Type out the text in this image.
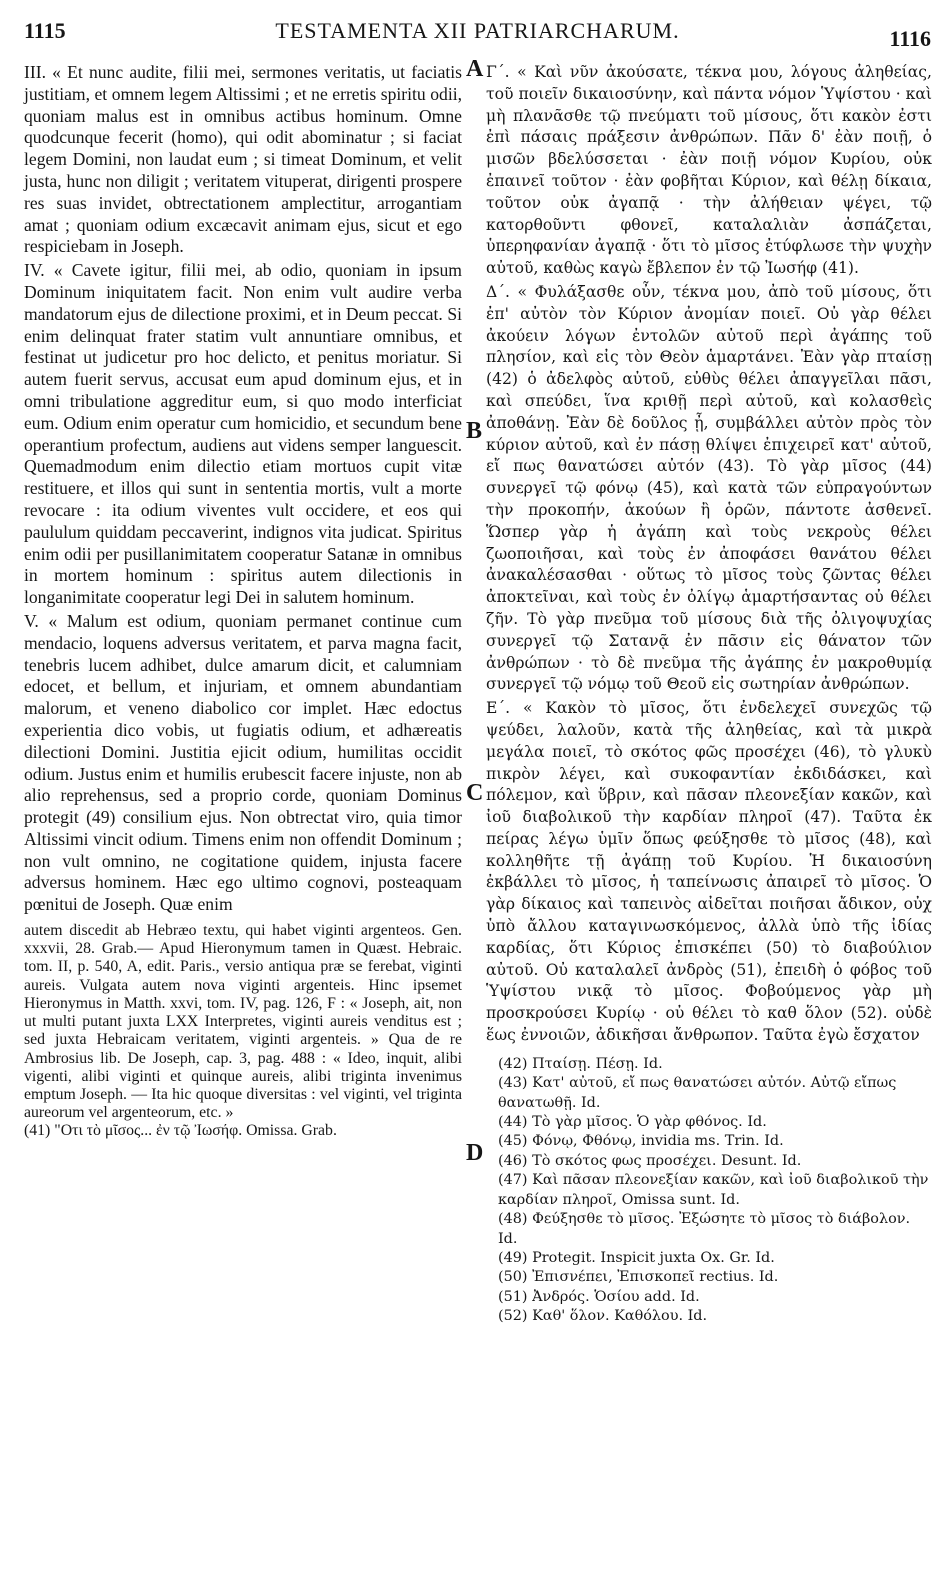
1115	TESTAMENTA XII PATRIARCHARUM.	1116
A
B
C
D

III. « Et nunc audite, filii mei, sermones veritatis, ut faciatis justitiam, et omnem legem Altissimi ; et ne erretis spiritu odii, quoniam malus est in omnibus actibus hominum. Omne quodcunque fecerit (homo), qui odit abominatur ; si faciat legem Domini, non laudat eum ; si timeat Dominum, et velit justa, hunc non diligit ; veritatem vituperat, dirigenti prospere res suas invidet, obtrectationem amplectitur, arrogantiam amat ; quoniam odium excæcavit animam ejus, sicut et ego respiciebam in Joseph.

IV. « Cavete igitur, filii mei, ab odio, quoniam in ipsum Dominum iniquitatem facit. Non enim vult audire verba mandatorum ejus de dilectione proximi, et in Deum peccat. Si enim delinquat frater statim vult annuntiare omnibus, et festinat ut judicetur pro hoc delicto, et penitus moriatur. Si autem fuerit servus, accusat eum apud dominum ejus, et in omni tribulatione aggreditur eum, si quo modo interficiat eum. Odium enim operatur cum homicidio, et secundum bene operantium profectum, audiens aut videns semper languescit. Quemadmodum enim dilectio etiam mortuos cupit vitæ restituere, et illos qui sunt in sententia mortis, vult a morte revocare : ita odium viventes vult occidere, et eos qui paululum quiddam peccaverint, indignos vita judicat. Spiritus enim odii per pusillanimitatem cooperatur Satanæ in omnibus in mortem hominum : spiritus autem dilectionis in longanimitate cooperatur legi Dei in salutem hominum.

V. « Malum est odium, quoniam permanet continue cum mendacio, loquens adversus veritatem, et parva magna facit, tenebris lucem adhibet, dulce amarum dicit, et calumniam edocet, et bellum, et injuriam, et omnem abundantiam malorum, et veneno diabolico cor implet. Hæc edoctus experientia dico vobis, ut fugiatis odium, et adhæreatis dilectioni Domini. Justitia ejicit odium, humilitas occidit odium. Justus enim et humilis erubescit facere injuste, non ab alio reprehensus, sed a proprio corde, quoniam Dominus protegit (49) consilium ejus. Non obtrectat viro, quia timor Altissimi vincit odium. Timens enim non offendit Dominum ; non vult omnino, ne cogitatione quidem, injusta facere adversus hominem. Hæc ego ultimo cognovi, posteaquam pœnitui de Joseph. Quæ enim

autem discedit ab Hebræo textu, qui habet viginti argenteos. Gen. xxxvii, 28. Grab.— Apud Hieronymum tamen in Quæst. Hebraic. tom. II, p. 540, A, edit. Paris., versio antiqua præ se ferebat, viginti aureis. Vulgata autem nova viginti argenteis. Hinc ipsemet Hieronymus in Matth. xxvi, tom. IV, pag. 126, F : « Joseph, ait, non ut multi putant juxta LXX Interpretes, viginti aureis venditus est ; sed juxta Hebraicam veritatem, viginti argenteis. » Qua de re Ambrosius lib. De Joseph, cap. 3, pag. 488 : « Ideo, inquit, alibi vigenti, alibi viginti et quinque aureis, alibi triginta invenimus emptum Joseph. — Ita hic quoque diversitas : vel viginti, vel triginta aureorum vel argenteorum, etc. »

(41) "Οτι τὸ μῖσος... ἐν τῷ Ἰωσήφ. Omissa. Grab.

Γ΄. « Καὶ νῦν ἀκούσατε, τέκνα μου, λόγους ἀληθείας, τοῦ ποιεῖν δικαιοσύνην, καὶ πάντα νόμον Ὑψίστου · καὶ μὴ πλανᾶσθε τῷ πνεύματι τοῦ μίσους, ὅτι κακὸν ἐστι ἐπὶ πάσαις πράξεσιν ἀνθρώπων. Πᾶν δ' ἐὰν ποιῇ, ὁ μισῶν βδελύσσεται · ἐὰν ποιῇ νόμον Κυρίου, οὐκ ἐπαινεῖ τοῦτον · ἐὰν φοβῆται Κύριον, καὶ θέλῃ δίκαια, τοῦτον οὐκ ἀγαπᾷ · τὴν ἀλήθειαν ψέγει, τῷ κατορθοῦντι φθονεῖ, καταλαλιὰν ἀσπάζεται, ὑπερηφανίαν ἀγαπᾷ · ὅτι τὸ μῖσος ἐτύφλωσε τὴν ψυχὴν αὐτοῦ, καθὼς καγὼ ἔβλεπον ἐν τῷ Ἰωσήφ (41).

Δ΄. « Φυλάξασθε οὖν, τέκνα μου, ἀπὸ τοῦ μίσους, ὅτι ἐπ' αὐτὸν τὸν Κύριον ἀνομίαν ποιεῖ. Οὐ γὰρ θέλει ἀκούειν λόγων ἐντολῶν αὐτοῦ περὶ ἀγάπης τοῦ πλησίον, καὶ εἰς τὸν Θεὸν ἁμαρτάνει. Ἐὰν γὰρ πταίσῃ (42) ὁ ἀδελφὸς αὐτοῦ, εὐθὺς θέλει ἀπαγγεῖλαι πᾶσι, καὶ σπεύδει, ἵνα κριθῇ περὶ αὐτοῦ, καὶ κολασθεὶς ἀποθάνῃ. Ἐὰν δὲ δοῦλος ᾖ, συμβάλλει αὐτὸν πρὸς τὸν κύριον αὐτοῦ, καὶ ἐν πάσῃ θλίψει ἐπιχειρεῖ κατ' αὐτοῦ, εἴ πως θανατώσει αὐτόν (43). Τὸ γὰρ μῖσος (44) συνεργεῖ τῷ φόνῳ (45), καὶ κατὰ τῶν εὐπραγούντων τὴν προκοπήν, ἀκούων ἢ ὁρῶν, πάντοτε ἀσθενεῖ. Ὥσπερ γὰρ ἡ ἀγάπη καὶ τοὺς νεκροὺς θέλει ζωοποιῆσαι, καὶ τοὺς ἐν ἀποφάσει θανάτου θέλει ἀνακαλέσασθαι · οὕτως τὸ μῖσος τοὺς ζῶντας θέλει ἀποκτεῖναι, καὶ τοὺς ἐν ὀλίγῳ ἁμαρτήσαντας οὐ θέλει ζῆν. Τὸ γὰρ πνεῦμα τοῦ μίσους διὰ τῆς ὀλιγοψυχίας συνεργεῖ τῷ Σατανᾷ ἐν πᾶσιν εἰς θάνατον τῶν ἀνθρώπων · τὸ δὲ πνεῦμα τῆς ἀγάπης ἐν μακροθυμίᾳ συνεργεῖ τῷ νόμῳ τοῦ Θεοῦ εἰς σωτηρίαν ἀνθρώπων.

Ε΄. « Κακὸν τὸ μῖσος, ὅτι ἐνδελεχεῖ συνεχῶς τῷ ψεύδει, λαλοῦν, κατὰ τῆς ἀληθείας, καὶ τὰ μικρὰ μεγάλα ποιεῖ, τὸ σκότος φῶς προσέχει (46), τὸ γλυκὺ πικρὸν λέγει, καὶ συκοφαντίαν ἐκδιδάσκει, καὶ πόλεμον, καὶ ὕβριν, καὶ πᾶσαν πλεονεξίαν κακῶν, καὶ ἰοῦ διαβολικοῦ τὴν καρδίαν πληροῖ (47). Ταῦτα ἐκ πείρας λέγω ὑμῖν ὅπως φεύξησθε τὸ μῖσος (48), καὶ κολληθῆτε τῇ ἀγάπῃ τοῦ Κυρίου. Ἡ δικαιοσύνη ἐκβάλλει τὸ μῖσος, ἡ ταπείνωσις ἀπαιρεῖ τὸ μῖσος. Ὁ γὰρ δίκαιος καὶ ταπεινὸς αἰδεῖται ποιῆσαι ἄδικον, οὐχ ὑπὸ ἄλλου καταγινωσκόμενος, ἀλλὰ ὑπὸ τῆς ἰδίας καρδίας, ὅτι Κύριος ἐπισκέπει (50) τὸ διαβούλιον αὐτοῦ. Οὐ καταλαλεῖ ἀνδρὸς (51), ἐπειδὴ ὁ φόβος τοῦ Ὑψίστου νικᾷ τὸ μῖσος. Φοβούμενος γὰρ μὴ προσκρούσει Κυρίῳ · οὐ θέλει τὸ καθ ὅλον (52). οὐδὲ ἕως ἐννοιῶν, ἀδικῆσαι ἄνθρωπον. Ταῦτα ἐγὼ ἔσχατον

(42) Πταίσῃ. Πέσῃ. Id.

(43) Κατ' αὐτοῦ, εἴ πως θανατώσει αὐτόν. Αὐτῷ εἴπως θανατωθῇ. Id.

(44) Τὸ γὰρ μῖσος. Ὁ γὰρ φθόνος. Id.

(45) Φόνῳ, Φθόνῳ, invidia ms. Trin. Id.

(46) Τὸ σκότος φως προσέχει. Desunt. Id.

(47) Καὶ πᾶσαν πλεονεξίαν κακῶν, καὶ ἰοῦ διαβολικοῦ τὴν καρδίαν πληροῖ, Omissa sunt. Id.

(48) Φεύξησθε τὸ μῖσος. Ἐξώσητε τὸ μῖσος τὸ διάβολον. Id.

(49) Protegit. Inspicit juxta Ox. Gr. Id.

(50) Ἐπισνέπει, Ἐπισκοπεῖ rectius. Id.

(51) Ἀνδρός. Ὁσίου add. Id.

(52) Καθ' ὅλον. Καθόλου. Id.
